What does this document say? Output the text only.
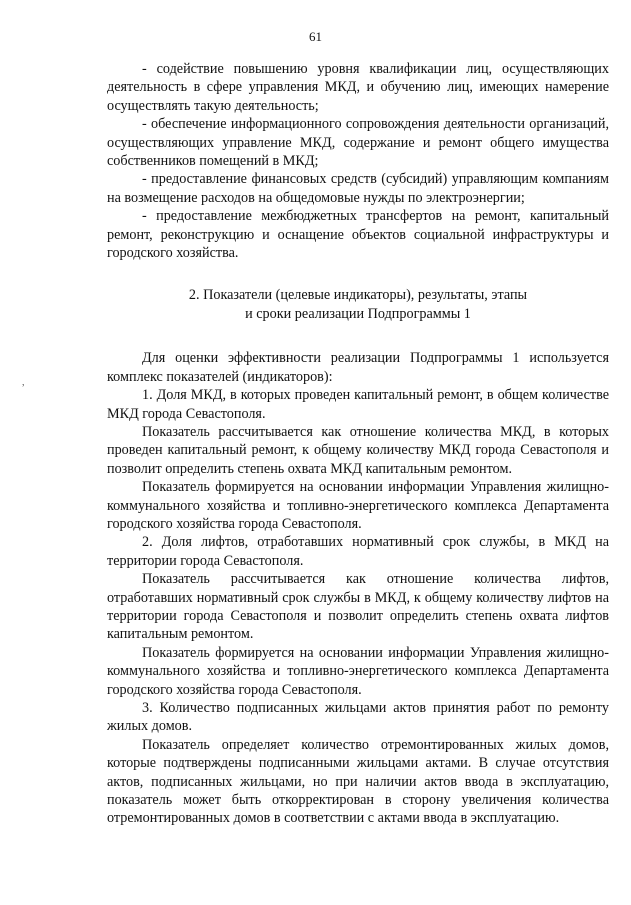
61
,

- содействие повышению уровня квалификации лиц, осуществляющих деятельность в сфере управления МКД, и обучению лиц, имеющих намерение осуществлять такую деятельность;

- обеспечение информационного сопровождения деятельности организаций, осуществляющих управление МКД, содержание и ремонт общего имущества собственников помещений в МКД;

- предоставление финансовых средств (субсидий) управляющим компаниям на возмещение расходов на общедомовые нужды по электроэнергии;

- предоставление межбюджетных трансфертов на ремонт, капитальный ремонт, реконструкцию и оснащение объектов социальной инфраструктуры и городского хозяйства.

2. Показатели (целевые индикаторы), результаты, этапы
и сроки реализации Подпрограммы 1

Для оценки эффективности реализации Подпрограммы 1 используется комплекс показателей (индикаторов):

1. Доля МКД, в которых проведен капитальный ремонт, в общем количестве МКД города Севастополя.

Показатель рассчитывается как отношение количества МКД, в которых проведен капитальный ремонт, к общему количеству МКД города Севастополя и позволит определить степень охвата МКД капитальным ремонтом.

Показатель формируется на основании информации Управления жилищно-коммунального хозяйства и топливно-энергетического комплекса Департамента городского хозяйства города Севастополя.

2. Доля лифтов, отработавших нормативный срок службы, в МКД на территории города Севастополя.

Показатель рассчитывается как отношение количества лифтов, отработавших нормативный срок службы в МКД, к общему количеству лифтов на территории города Севастополя и позволит определить степень охвата лифтов капитальным ремонтом.

Показатель формируется на основании информации Управления жилищно-коммунального хозяйства и топливно-энергетического комплекса Департамента городского хозяйства города Севастополя.

3. Количество подписанных жильцами актов принятия работ по ремонту жилых домов.

Показатель определяет количество отремонтированных жилых домов, которые подтверждены подписанными жильцами актами. В случае отсутствия актов, подписанных жильцами, но при наличии актов ввода в эксплуатацию, показатель может быть откорректирован в сторону увеличения количества отремонтированных домов в соответствии с актами ввода в эксплуатацию.
